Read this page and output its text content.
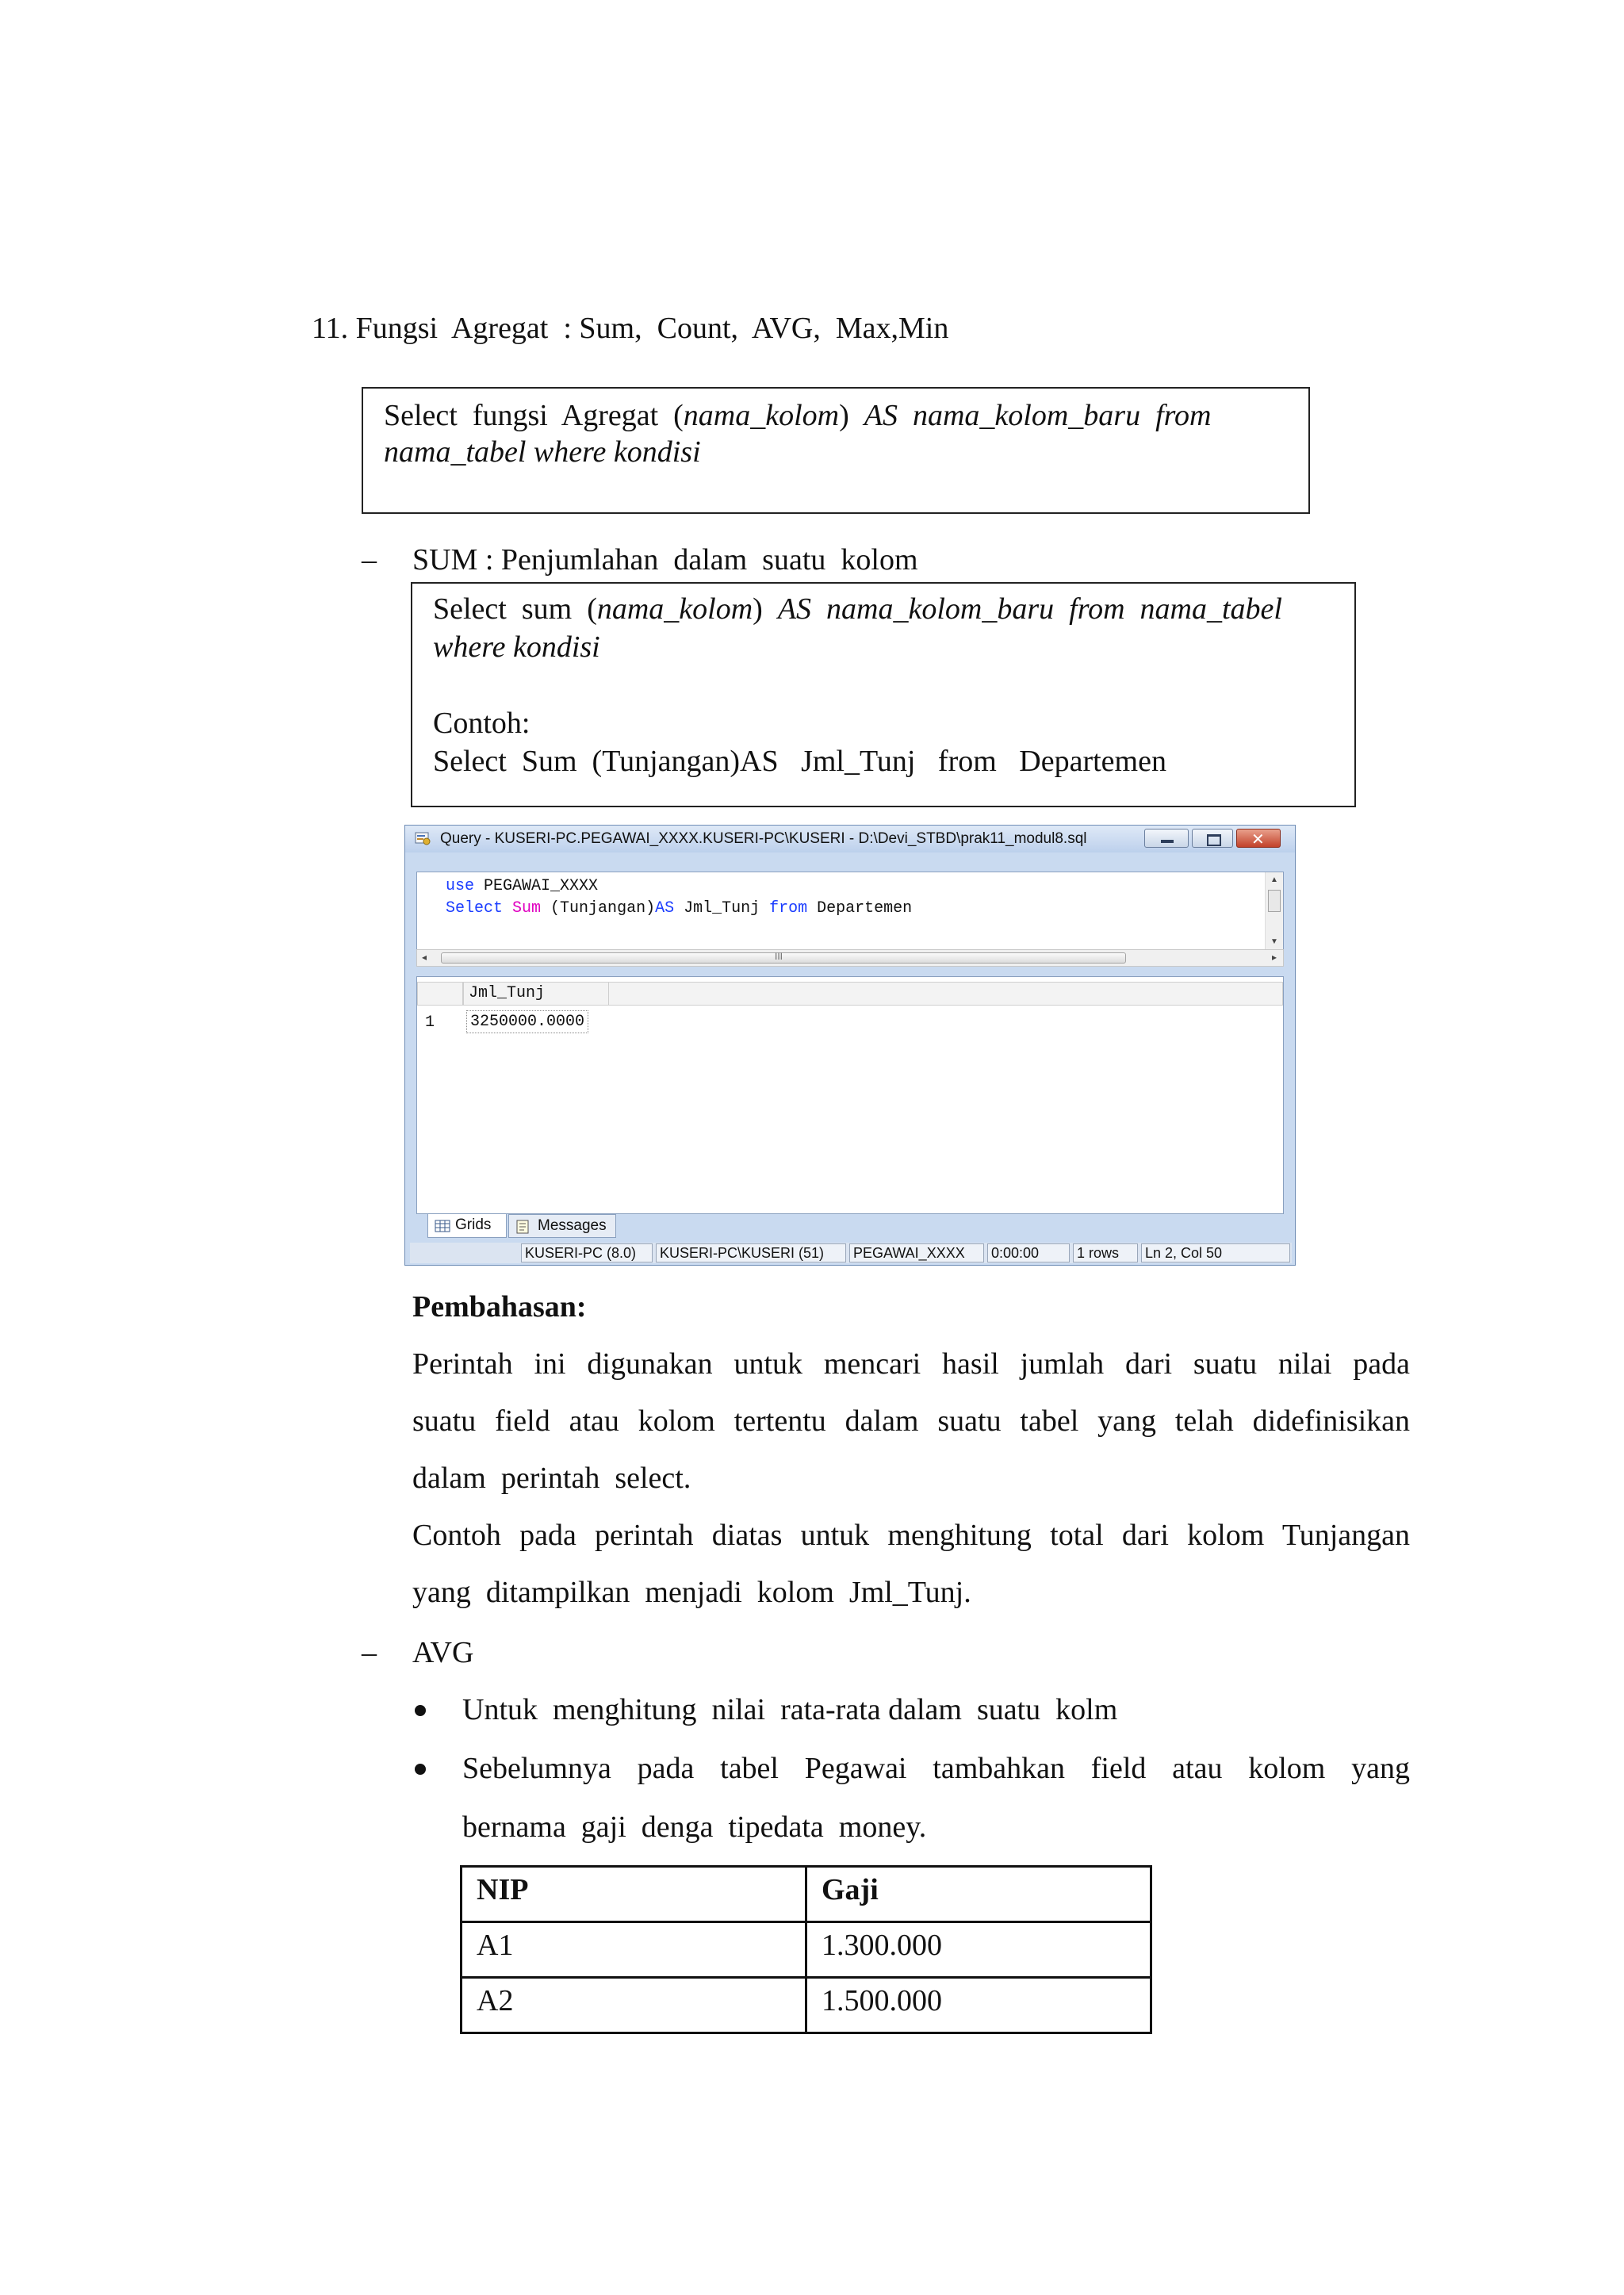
11. Fungsi  Agregat  : Sum,  Count,  AVG,  Max,Min
Select  fungsi  Agregat  (nama_kolom)  AS  nama_kolom_baru  from
nama_tabel where kondisi
– SUM : Penjumlahan  dalam  suatu  kolom
Select  sum  (nama_kolom)  AS  nama_kolom_baru  from  nama_tabel
where kondisi
Contoh:
Select  Sum  (Tunjangan)AS   Jml_Tunj   from   Departemen
Query - KUSERI-PC.PEGAWAI_XXXX.KUSERI-PC\KUSERI - D:\Devi_STBD\prak11_modul8.sql	✕
use PEGAWAI_XXXX
Select Sum (Tunjangan)AS Jml_Tunj from Departemen
▲
▼
◂	III	▸
Jml_Tunj
1 3250000.0000
Grids	Messages
KUSERI-PC (8.0)	KUSERI-PC\KUSERI (51)	PEGAWAI_XXXX	0:00:00	1 rows	Ln 2, Col 50
Pembahasan:
Perintah ini digunakan untuk mencari hasil jumlah dari suatu nilai pada
suatu field atau kolom tertentu dalam suatu tabel yang telah didefinisikan
dalam  perintah  select.
Contoh pada perintah diatas untuk menghitung total dari kolom Tunjangan
yang  ditampilkan  menjadi  kolom  Jml_Tunj.
– AVG
Untuk  menghitung  nilai  rata-rata dalam  suatu  kolm
Sebelumnya pada tabel Pegawai tambahkan field atau kolom yang
bernama  gaji  denga  tipedata  money.
NIP	Gaji
A1	1.300.000
A2	1.500.000
